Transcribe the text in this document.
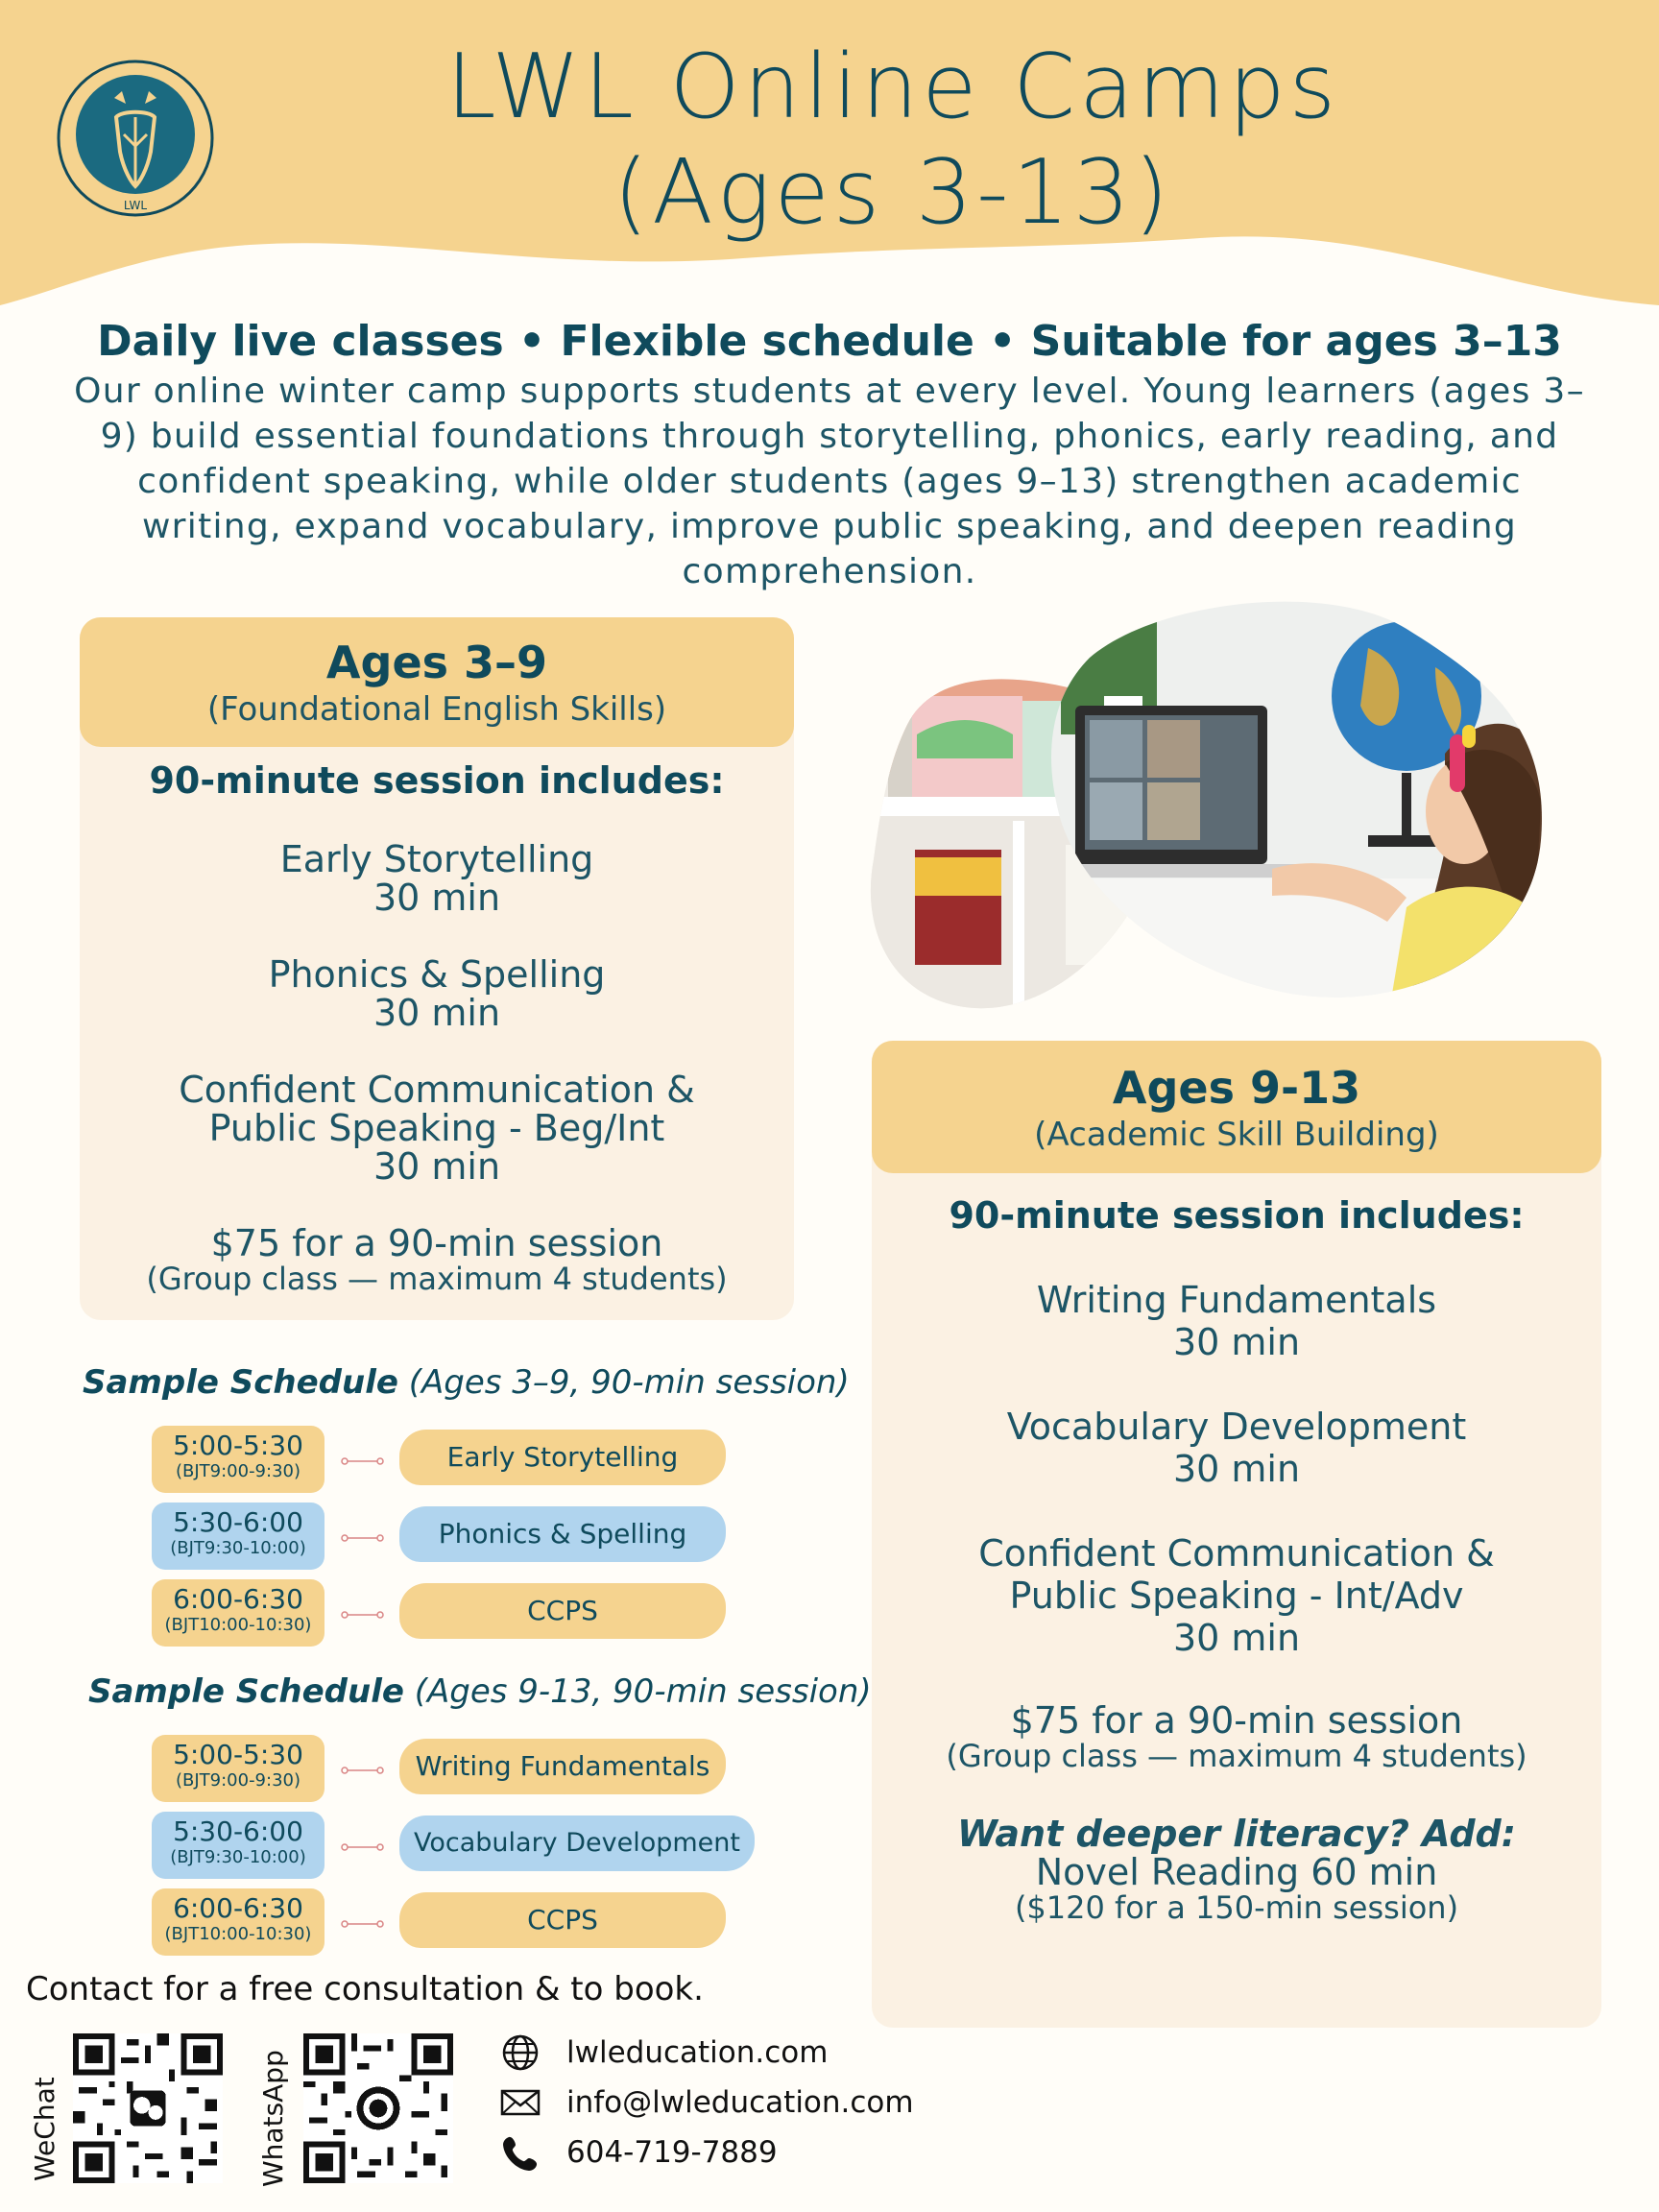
LWL
LWL Online Camps
(Ages 3-13)
Daily live classes • Flexible schedule • Suitable for ages 3–13
Our online winter camp supports students at every level. Young learners (ages 3–9) build essential foundations through storytelling, phonics, early reading, and confident speaking, while older students (ages 9–13) strengthen academic writing, expand vocabulary, improve public speaking, and deepen reading comprehension.
Ages 3–9
(Foundational English Skills)
90-minute session includes:
Early Storytelling
30 min
Phonics & Spelling
30 min
Confident Communication &
Public Speaking - Beg/Int
30 min
$75 for a 90-min session
(Group class — maximum 4 students)
Ages 9-13
(Academic Skill Building)
90-minute session includes:
Writing Fundamentals
30 min
Vocabulary Development
30 min
Confident Communication &
Public Speaking - Int/Adv
30 min
$75 for a 90-min session
(Group class — maximum 4 students)
Want deeper literacy? Add:
Novel Reading 60 min
($120 for a 150-min session)
Sample Schedule (Ages 3–9, 90-min session)
5:00-5:30
(BJT9:00-9:30)	Early Storytelling
5:30-6:00
(BJT9:30-10:00)	Phonics & Spelling
6:00-6:30
(BJT10:00-10:30)	CCPS
Sample Schedule (Ages 9-13, 90-min session)
5:00-5:30
(BJT9:00-9:30)	Writing Fundamentals
5:30-6:00
(BJT9:30-10:00)	Vocabulary Development
6:00-6:30
(BJT10:00-10:30)	CCPS
Contact for a free consultation & to book.
WeChat	WhatsApp	lwleducation.com
info@lwleducation.com
604-719-7889
